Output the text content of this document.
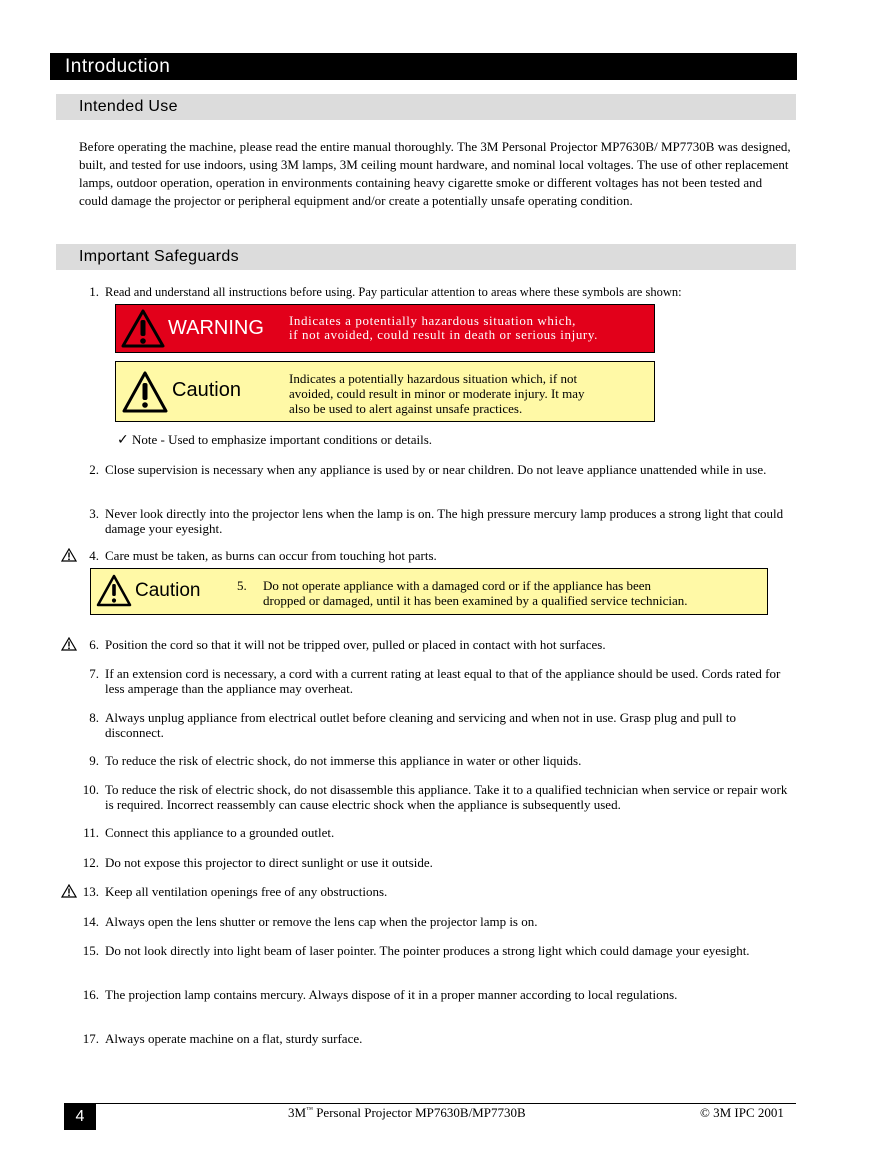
Introduction
Intended Use
Before operating the machine, please read the entire manual thoroughly. The 3M Personal Projector MP7630B/ MP7730B was designed, built, and tested for use indoors, using 3M lamps, 3M ceiling mount hardware, and nominal local voltages. The use of other replacement lamps, outdoor operation, operation in environments containing heavy cigarette smoke or different voltages has not been tested and could damage the projector or peripheral equipment and/or create a potentially unsafe operating condition.
Important Safeguards
1. Read and understand all instructions before using. Pay particular attention to areas where these symbols are shown:
WARNING Indicates a potentially hazardous situation which,
if not avoided, could result in death or serious injury.
Caution
Indicates a potentially hazardous situation which, if not
avoided, could result in minor or moderate injury. It may
also be used to alert against unsafe practices.
✓ Note - Used to emphasize important conditions or details.
2. Close supervision is necessary when any appliance is used by or near children. Do not leave appliance unattended while in use.
3. Never look directly into the projector lens when the lamp is on. The high pressure mercury lamp produces a strong light that could damage your eyesight.
4. Care must be taken, as burns can occur from touching hot parts.
Caution	5. Do not operate appliance with a damaged cord or if the appliance has been
dropped or damaged, until it has been examined by a qualified service technician.
6. Position the cord so that it will not be tripped over, pulled or placed in contact with hot surfaces.
7. If an extension cord is necessary, a cord with a current rating at least equal to that of the appliance should be used. Cords rated for less amperage than the appliance may overheat.
8. Always unplug appliance from electrical outlet before cleaning and servicing and when not in use. Grasp plug and pull to disconnect.
9. To reduce the risk of electric shock, do not immerse this appliance in water or other liquids.
10. To reduce the risk of electric shock, do not disassemble this appliance. Take it to a qualified technician when service or repair work is required. Incorrect reassembly can cause electric shock when the appliance is subsequently used.
11. Connect this appliance to a grounded outlet.
12. Do not expose this projector to direct sunlight or use it outside.
13. Keep all ventilation openings free of any obstructions.
14. Always open the lens shutter or remove the lens cap when the projector lamp is on.
15. Do not look directly into light beam of laser pointer. The pointer produces a strong light which could damage your eyesight.
16. The projection lamp contains mercury. Always dispose of it in a proper manner according to local regulations.
17. Always operate machine on a flat, sturdy surface.
4	3M™ Personal Projector MP7630B/MP7730B	© 3M IPC 2001
